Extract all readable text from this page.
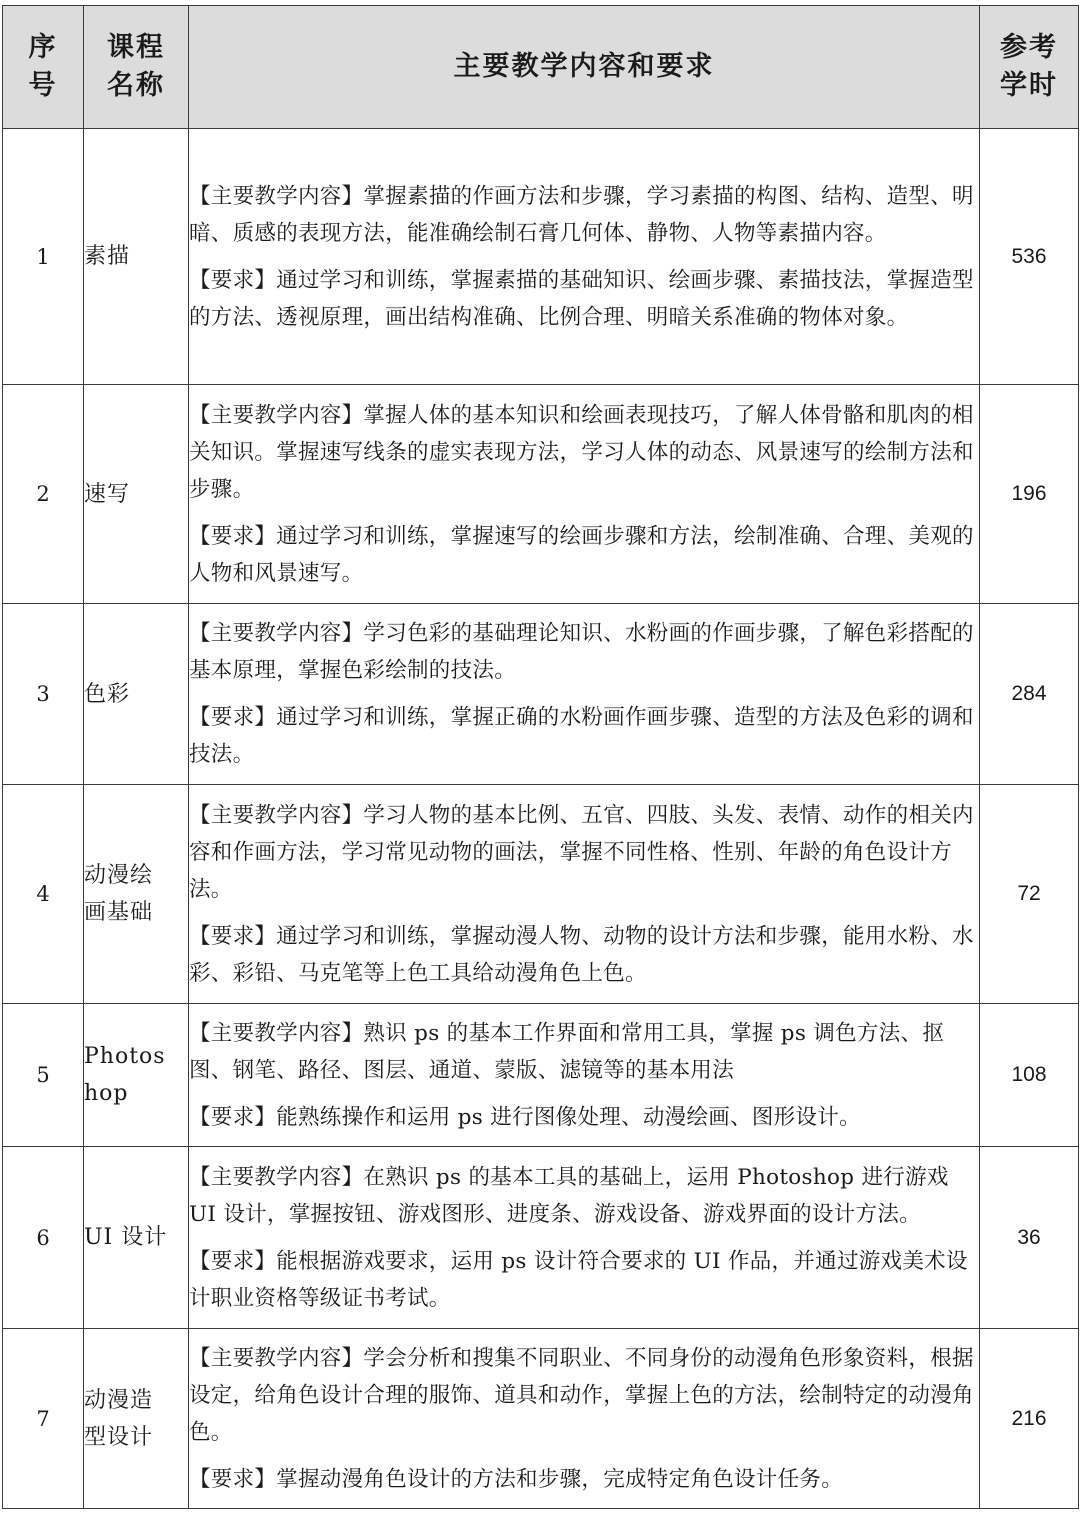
序号	课程名称	主要教学内容和要求	参考学时
1	素描	【主要教学内容】掌握素描的作画方法和步骤，学习素描的构图、结构、造型、明暗、质感的表现方法，能准确绘制石膏几何体、静物、人物等素描内容。

【要求】通过学习和训练，掌握素描的基础知识、绘画步骤、素描技法，掌握造型的方法、透视原理，画出结构准确、比例合理、明暗关系准确的物体对象。	536
2	速写	【主要教学内容】掌握人体的基本知识和绘画表现技巧，了解人体骨骼和肌肉的相关知识。掌握速写线条的虚实表现方法，学习人体的动态、风景速写的绘制方法和步骤。

【要求】通过学习和训练，掌握速写的绘画步骤和方法，绘制准确、合理、美观的人物和风景速写。	196
3	色彩	【主要教学内容】学习色彩的基础理论知识、水粉画的作画步骤，了解色彩搭配的基本原理，掌握色彩绘制的技法。

【要求】通过学习和训练，掌握正确的水粉画作画步骤、造型的方法及色彩的调和技法。	284
4	动漫绘画基础	【主要教学内容】学习人物的基本比例、五官、四肢、头发、表情、动作的相关内容和作画方法，学习常见动物的画法，掌握不同性格、性别、年龄的角色设计方法。

【要求】通过学习和训练，掌握动漫人物、动物的设计方法和步骤，能用水粉、水彩、彩铅、马克笔等上色工具给动漫角色上色。	72
5	Photoshop	【主要教学内容】熟识 ps 的基本工作界面和常用工具，掌握 ps 调色方法、抠图、钢笔、路径、图层、通道、蒙版、滤镜等的基本用法

【要求】能熟练操作和运用 ps 进行图像处理、动漫绘画、图形设计。	108
6	UI 设计	【主要教学内容】在熟识 ps 的基本工具的基础上，运用 Photoshop 进行游戏 UI 设计，掌握按钮、游戏图形、进度条、游戏设备、游戏界面的设计方法。

【要求】能根据游戏要求，运用 ps 设计符合要求的 UI 作品，并通过游戏美术设计职业资格等级证书考试。	36
7	动漫造型设计	【主要教学内容】学会分析和搜集不同职业、不同身份的动漫角色形象资料，根据设定，给角色设计合理的服饰、道具和动作，掌握上色的方法，绘制特定的动漫角色。

【要求】掌握动漫角色设计的方法和步骤，完成特定角色设计任务。	216
